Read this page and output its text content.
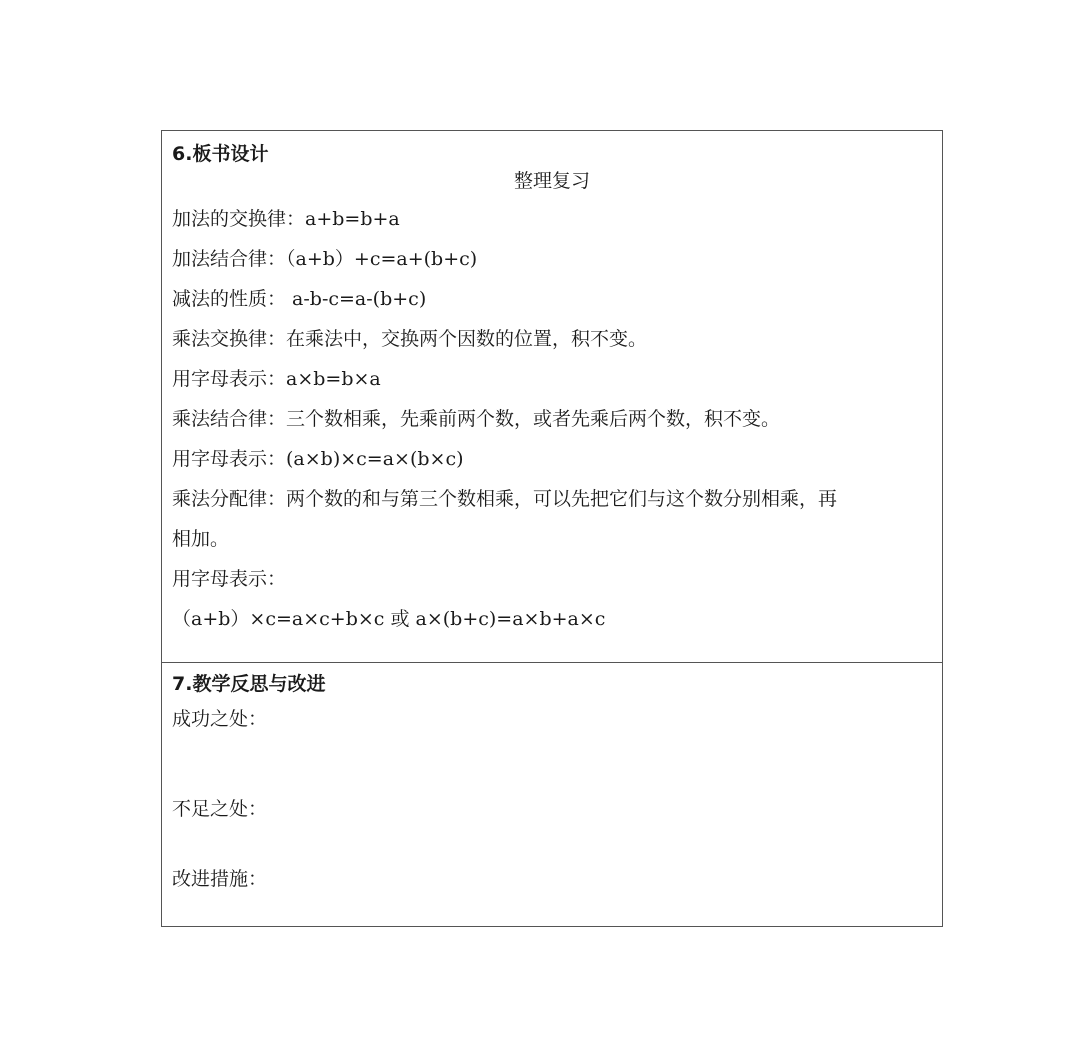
6.板书设计
整理复习
加法的交换律：a+b=b+a
加法结合律：（a+b）+c=a+(b+c)
减法的性质： a-b-c=a-(b+c)
乘法交换律：在乘法中，交换两个因数的位置，积不变。
用字母表示：a×b=b×a
乘法结合律：三个数相乘，先乘前两个数，或者先乘后两个数，积不变。
用字母表示：(a×b)×c=a×(b×c)
乘法分配律：两个数的和与第三个数相乘，可以先把它们与这个数分别相乘，再
相加。
用字母表示：
（a+b）×c=a×c+b×c 或 a×(b+c)=a×b+a×c
7.教学反思与改进
成功之处：
不足之处：
改进措施：
